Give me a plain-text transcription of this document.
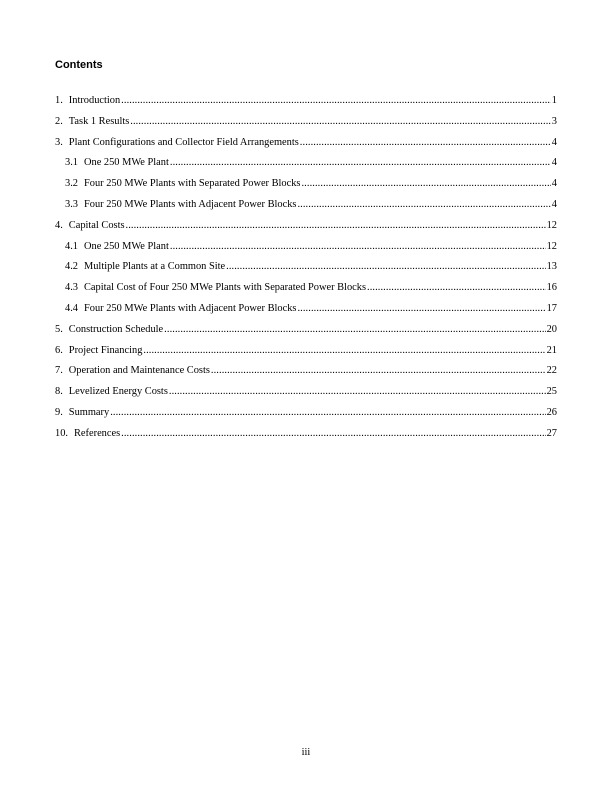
Contents
1. Introduction .....	1
2. Task 1 Results .....	3
3. Plant Configurations and Collector Field Arrangements .....	4
3.1 One 250 MWe Plant .....	4
3.2 Four 250 MWe Plants with Separated Power Blocks .....	4
3.3 Four 250 MWe Plants with Adjacent Power Blocks .....	4
4. Capital Costs .....	12
4.1 One 250 MWe Plant .....	12
4.2 Multiple Plants at a Common Site .....	13
4.3 Capital Cost of Four 250 MWe Plants with Separated Power Blocks .....	16
4.4 Four 250 MWe Plants with Adjacent Power Blocks .....	17
5. Construction Schedule .....	20
6. Project Financing .....	21
7. Operation and Maintenance Costs .....	22
8. Levelized Energy Costs .....	25
9. Summary .....	26
10. References .....	27
iii
